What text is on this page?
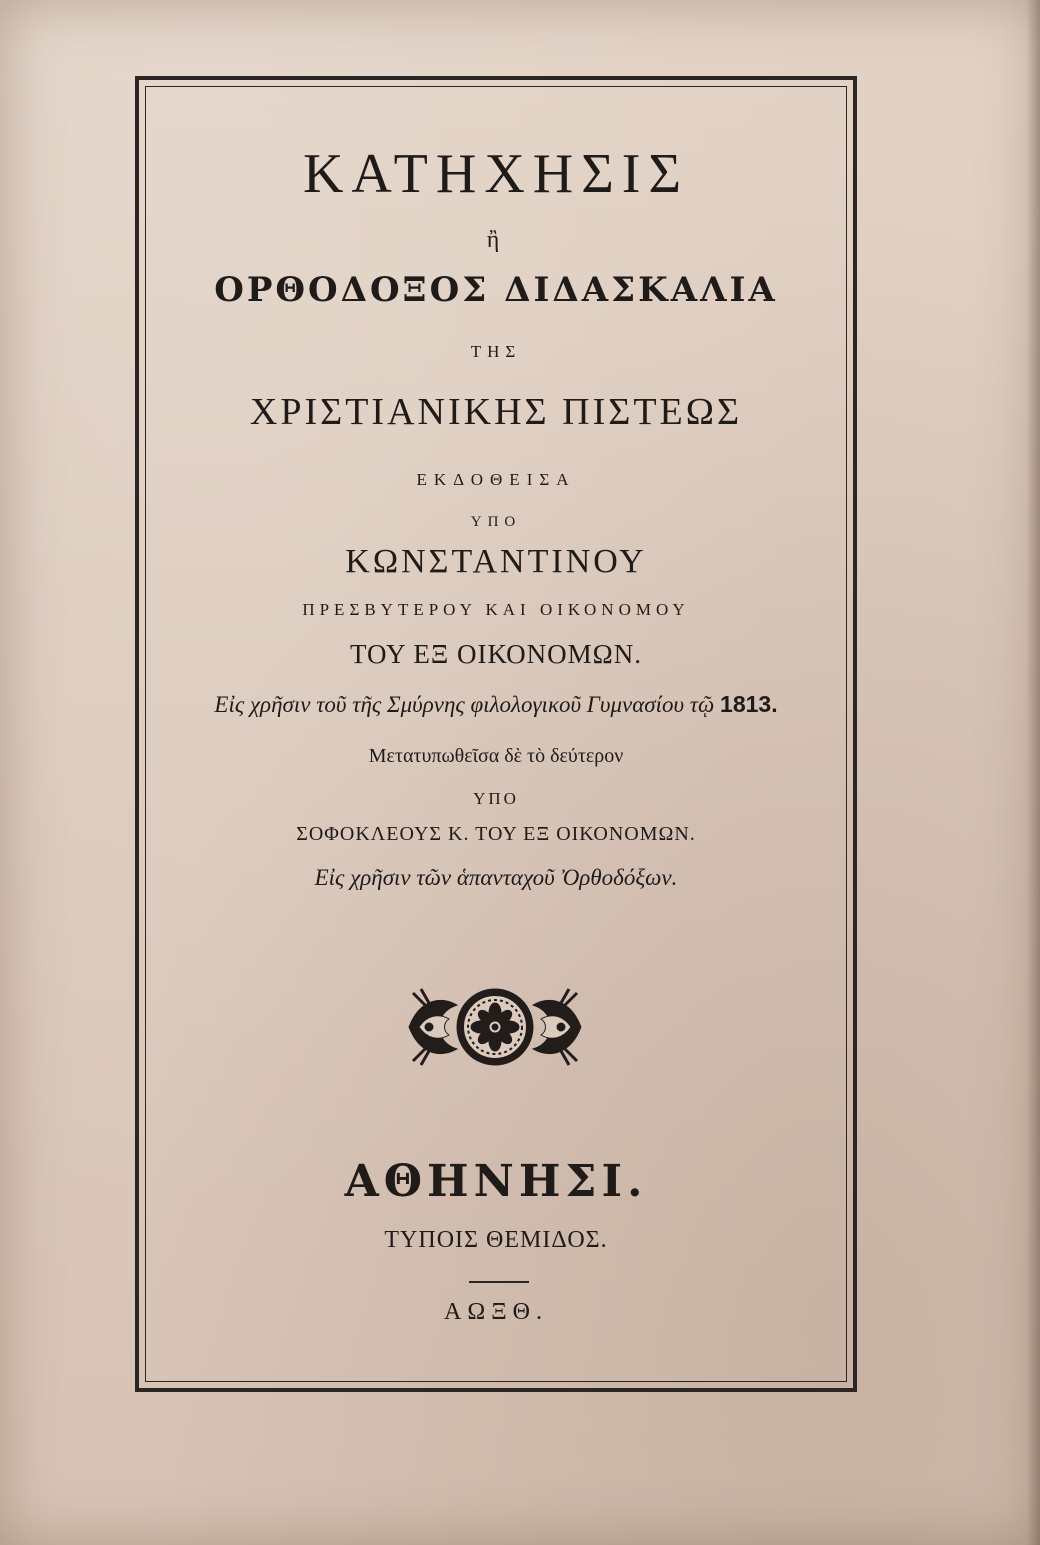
ΚΑΤΗΧΗΣΙΣ
ἢ
ΟΡΘΟΔΟΞΟΣ ΔΙΔΑΣΚΑΛΙΑ
ΤΗΣ
ΧΡΙΣΤΙΑΝΙΚΗΣ ΠΙΣΤΕΩΣ
ΕΚΔΟΘΕΙΣΑ
ΥΠΟ
ΚΩΝΣΤΑΝΤΙΝΟΥ
ΠΡΕΣΒΥΤΕΡΟΥ ΚΑΙ ΟΙΚΟΝΟΜΟΥ
ΤΟΥ ΕΞ ΟΙΚΟΝΟΜΩΝ.
Εἰς χρῆσιν τοῦ τῆς Σμύρνης φιλολογικοῦ Γυμνασίου τῷ 1813.
Μετατυπωθεῖσα δὲ τὸ δεύτερον
ΥΠΟ
ΣΟΦΟΚΛΕΟΥΣ Κ. ΤΟΥ ΕΞ ΟΙΚΟΝΟΜΩΝ.
Εἰς χρῆσιν τῶν ἁπανταχοῦ Ὀρθοδόξων.
ΑΘΗΝΗΣΙ.
ΤΥΠΟΙΣ ΘΕΜΙΔΟΣ.
ΑΩΞΘ.
